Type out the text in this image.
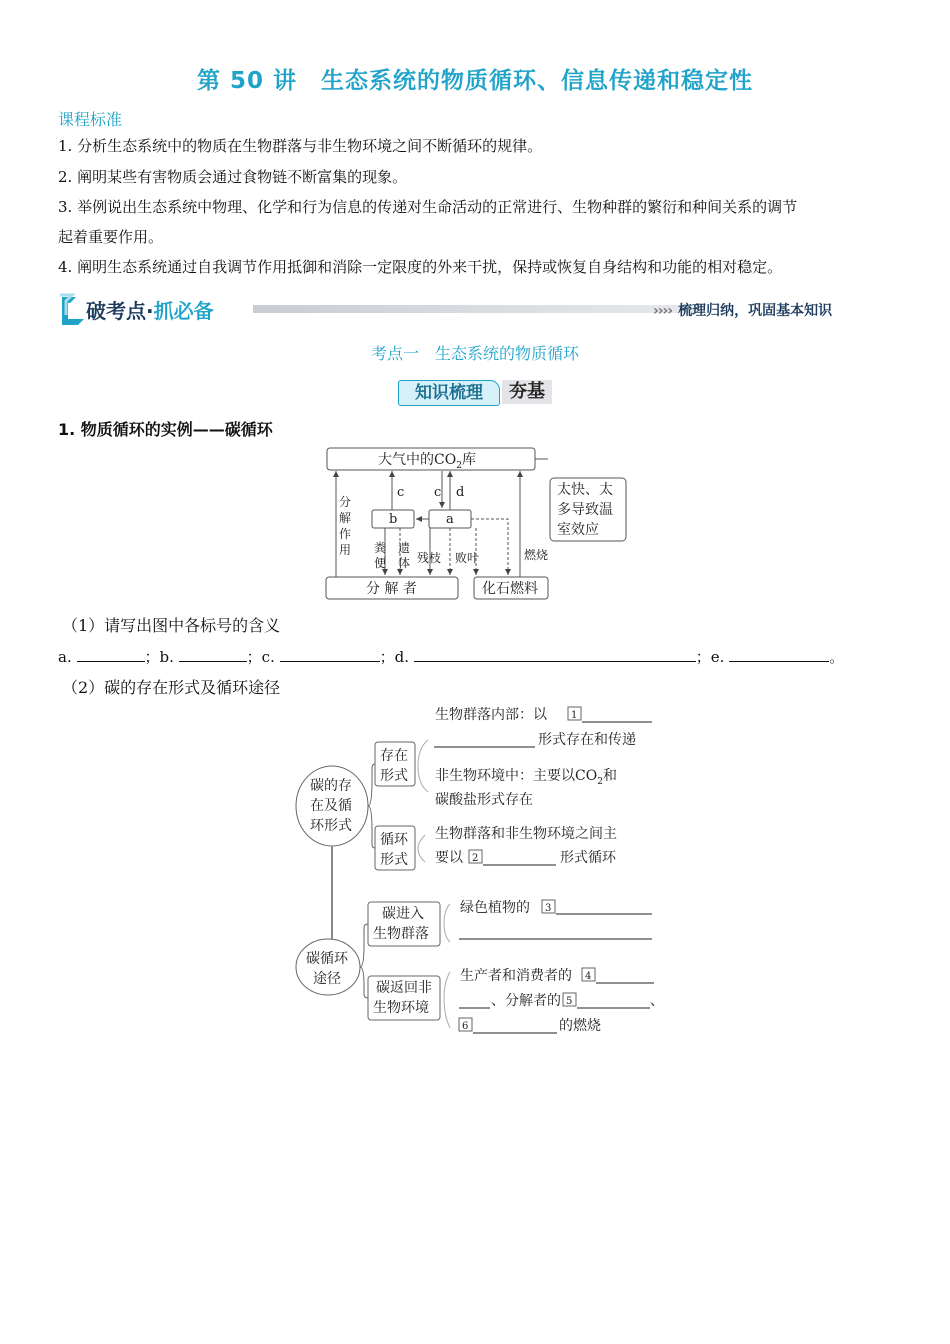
第 50 讲　生态系统的物质循环、信息传递和稳定性
课程标准
1. 分析生态系统中的物质在生物群落与非生物环境之间不断循环的规律。
2. 阐明某些有害物质会通过食物链不断富集的现象。
3. 举例说出生态系统中物理、化学和行为信息的传递对生命活动的正常进行、生物种群的繁衍和种间关系的调节
起着重要作用。
4. 阐明生态系统通过自我调节作用抵御和消除一定限度的外来干扰，保持或恢复自身结构和功能的相对稳定。
破考点·抓必备	›››› 梳理归纳，巩固基本知识
考点一　生态系统的物质循环
知识梳理	夯基
1. 物质循环的实例——碳循环
大气中的$CO_2$库
分 解 者	化石燃料
b	a
c c d
分
解
作
用 粪
便
遗
体 残枝 败叶	燃烧
太快、太
多导致温
室效应
（1）请写出图中各标号的含义
a.	；b.	；c.	；d.	；e.	。
（2）碳的存在形式及循环途径
碳的存
在及循
环形式
存在
形式
循环
形式
生物群落内部：以 1
形式存在和传递
非生物环境中：主要以$CO_2$和
碳酸盐形式存在
生物群落和非生物环境之间主
要以 2	形式循环
碳循环
途径
碳进入
生物群落
碳返回非
生物环境
绿色植物的 3
生产者和消费者的 4
、分解者的 5	、
6	的燃烧
